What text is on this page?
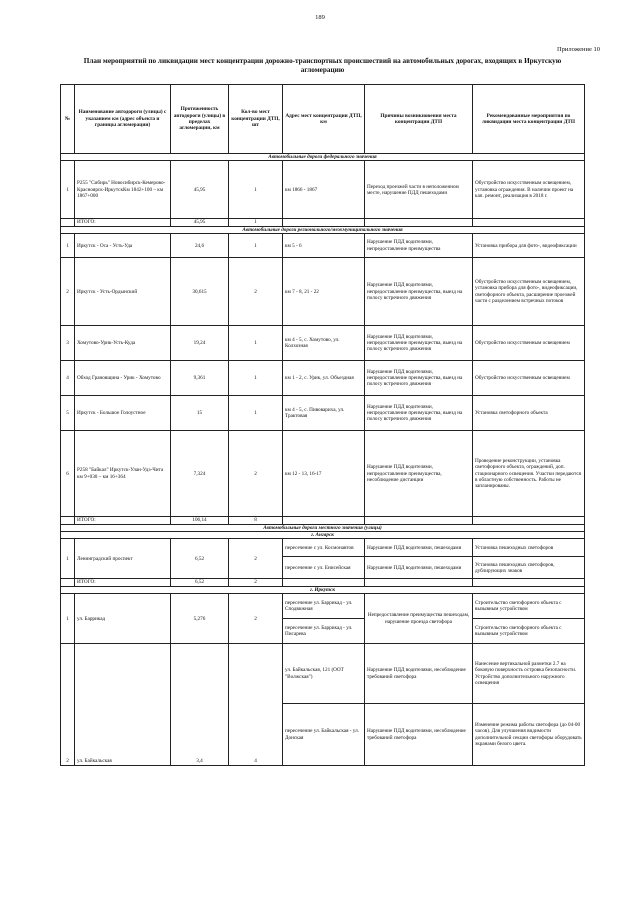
189
Приложение 10
План мероприятий по ликвидации мест концентрации дорожно-транспортных происшествий на автомобильных дорогах, входящих в Иркутскую агломерацию
№	Наименование автодороги (улицы) с указанием км (адрес объекта и границы агломерации)	Протяженность автодороги (улицы) в пределах агломерации, км	Кол-во мест концентрации ДТП, шт	Адрес мест концентрации ДТП, км	Причины возникновения места концентрации ДТП	Рекомендованные мероприятия по ликвидации места концентрации ДТП
Автомобильные дороги федерального значения						
1	Р255 "Сибирь" Новосибирск-Кемерово-Красноярск-ИркутскКм 1842+100 – км 1867+000	45,95	1	км 1866 - 1867	Переход проезжей части в неположенном месте, нарушение ПДД пешеходами	Обустройство искусственным освещением, установка ограждения. В наличии проект на кап. ремонт, реализация в 2018 г.
	ИТОГО:	45,95	1			
Автомобильные дороги регионального/межмуниципального значения						
1	Иркутск - Оса - Усть-Уда	24,6	1	км 5 - 6	Нарушение ПДД водителями, непредоставление преимущества	Установка прибора для фото-, видеофиксации
2	Иркутск - Усть-Ордынский	30,615	2	км 7 - 8, 21 - 22	Нарушение ПДД водителями, непредоставление преимущества, выезд на полосу встречного движения	Обустройство искусственным освещением, установка прибора для фото-, видеофиксации, светофорного объекта, расширение проезжей части с разделением встречных потоков
3	Хомутово-Урик-Усть-Куда	19,24	1	км 4 - 5, с. Хомутово, ул. Колхозная	Нарушение ПДД водителями, непредоставление преимущества, выезд на полосу встречного движения	Обустройство искусственным освещением
4	Обход Грановщина - Урик - Хомутово	9,361	1	км 1 - 2, с. Урик, ул. Объездная	Нарушение ПДД водителями, непредоставление преимущества, выезд на полосу встречного движения	Обустройство искусственным освещением
5	Иркутск - Большое Голоустное	15	1	км 4 - 5, с. Пивовариха, ул. Трактовая	Нарушение ПДД водителями, непредоставление преимущества, выезд на полосу встречного движения	Установка светофорного объекта
6	Р258 "Байкал" Иркутск-Улан-Удэ-Чита км 9+030 – км 16+364	7,324	2	км 12 - 13, 16-17	Нарушение ПДД водителями, непредоставление преимущества, несоблюдение дистанции	Проведение реконструкции, установка светофорного объекта, ограждений, доп. стационарного освещения. Участки передаются в областную собственность. Работы не запланированы.
	ИТОГО:	106,14	8			
Автомобильные дороги местного значения (улицы)						
г. Ангарск						
1	Ленинградский проспект	6,52	2	пересечение с ул. Космонавтов	Нарушение ПДД водителями, пешеходами	Установка пешеходных светофоров
				пересечение с ул. Енисейская	Нарушение ПДД водителями, пешеходами	Установка пешеходных светофоров, дублирующих знаков
	ИТОГО:	6,52	2			
г. Иркутск						
1	ул. Баррикад	5,276	2	пересечение ул. Баррикад - ул. Сподвижная	Непредоставление преимущества пешеходам, нарушение проезда светофора	Строительство светофорного объекта с вызывным устройством
				пересечение ул. Баррикад - ул. Писарева		Строительство светофорного объекта с вызывным устройством
2	ул. Байкальская	3,4	4	ул. Байкальская, 121 (ООТ "Волжская")	Нарушение ПДД водителями, несоблюдение требований светофора	Нанесение вертикальной разметки 2.7 на боковую поверхность островка безопасности. Устройство дополнительного наружного освещения
				пересечение ул. Байкальская - ул. Донская	Нарушение ПДД водителями, несоблюдение требований светофора	Изменение режима работы светофора (до 04-00 часов). Для улучшения видимости дополнительной секции светофоры оборудовать экранами белого цвета.
